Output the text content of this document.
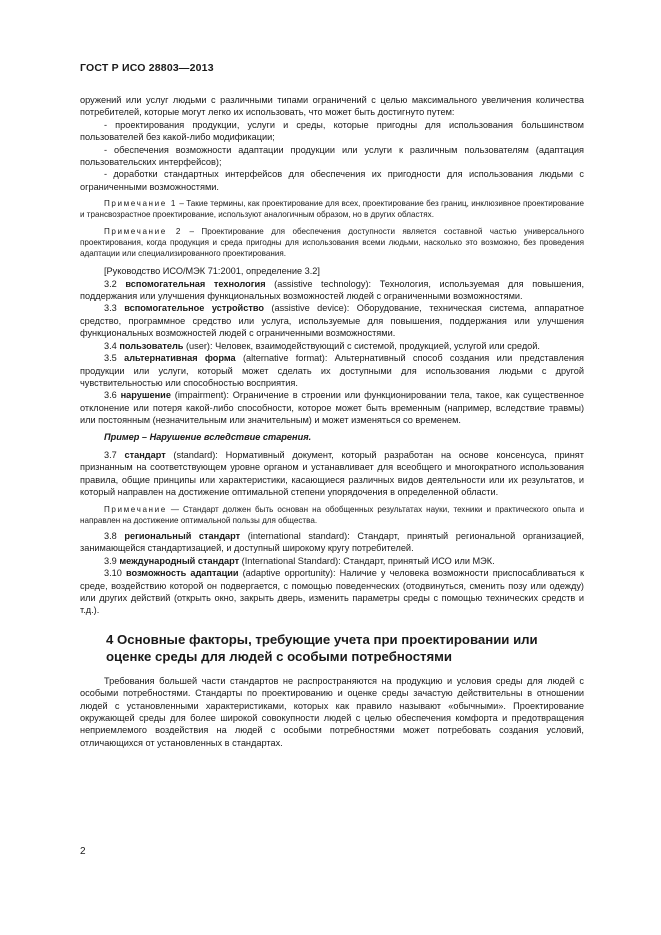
ГОСТ Р ИСО 28803—2013

оружений или услуг людьми с различными типами ограничений с целью максимального увеличения количества потребителей, которые могут легко их использовать, что может быть достигнуто путем:

- проектирования продукции, услуги и среды, которые пригодны для использования большинством пользователей без какой-либо модификации;

- обеспечения возможности адаптации продукции или услуги к различным пользователям (адаптация пользовательских интерфейсов);

- доработки стандартных интерфейсов для обеспечения их пригодности для использования людьми с ограниченными возможностями.

Примечание 1 – Такие термины, как проектирование для всех, проектирование без границ, инклюзивное проектирование и трансвозрастное проектирование, используют аналогичным образом, но в других областях.

Примечание 2 – Проектирование для обеспечения доступности является составной частью универсального проектирования, когда продукция и среда пригодны для использования всеми людьми, насколько это возможно, без проведения адаптации или специализированного проектирования.

[Руководство ИСО/МЭК 71:2001, определение 3.2]

3.2 вспомогательная технология (assistive technology): Технология, используемая для повышения, поддержания или улучшения функциональных возможностей людей с ограниченными возможностями.

3.3 вспомогательное устройство (assistive device): Оборудование, техническая система, аппаратное средство, программное средство или услуга, используемые для повышения, поддержания или улучшения функциональных возможностей людей с ограниченными возможностями.

3.4 пользователь (user): Человек, взаимодействующий с системой, продукцией, услугой или средой.

3.5 альтернативная форма (alternative format): Альтернативный способ создания или представления продукции или услуги, который может сделать их доступными для использования людьми с другой чувствительностью или способностью восприятия.

3.6 нарушение (impairment): Ограничение в строении или функционировании тела, такое, как существенное отклонение или потеря какой-либо способности, которое может быть временным (например, вследствие травмы) или постоянным (незначительным или значительным) и может изменяться со временем.

Пример – Нарушение вследствие старения.

3.7 стандарт (standard): Нормативный документ, который разработан на основе консенсуса, принят признанным на соответствующем уровне органом и устанавливает для всеобщего и многократного использования правила, общие принципы или характеристики, касающиеся различных видов деятельности или их результатов, и который направлен на достижение оптимальной степени упорядочения в определенной области.

Примечание — Стандарт должен быть основан на обобщенных результатах науки, техники и практического опыта и направлен на достижение оптимальной пользы для общества.

3.8 региональный стандарт (international standard): Стандарт, принятый региональной организацией, занимающейся стандартизацией, и доступный широкому кругу потребителей.

3.9 международный стандарт (International Standard): Стандарт, принятый ИСО или МЭК.

3.10 возможность адаптации (adaptive opportunity): Наличие у человека возможности приспосабливаться к среде, воздействию которой он подвергается, с помощью поведенческих (отодвинуться, сменить позу или одежду) или других действий (открыть окно, закрыть дверь, изменить параметры среды с помощью технических средств и т.д.).

4 Основные факторы, требующие учета при проектировании или оценке среды для людей с особыми потребностями

Требования большей части стандартов не распространяются на продукцию и условия среды для людей с особыми потребностями. Стандарты по проектированию и оценке среды зачастую действительны в отношении людей с установленными характеристиками, которых как правило называют «обычными». Проектирование окружающей среды для более широкой совокупности людей с целью обеспечения комфорта и предотвращения неприемлемого воздействия на людей с особыми потребностями может потребовать создания условий, отличающихся от установленных в стандартах.

2
